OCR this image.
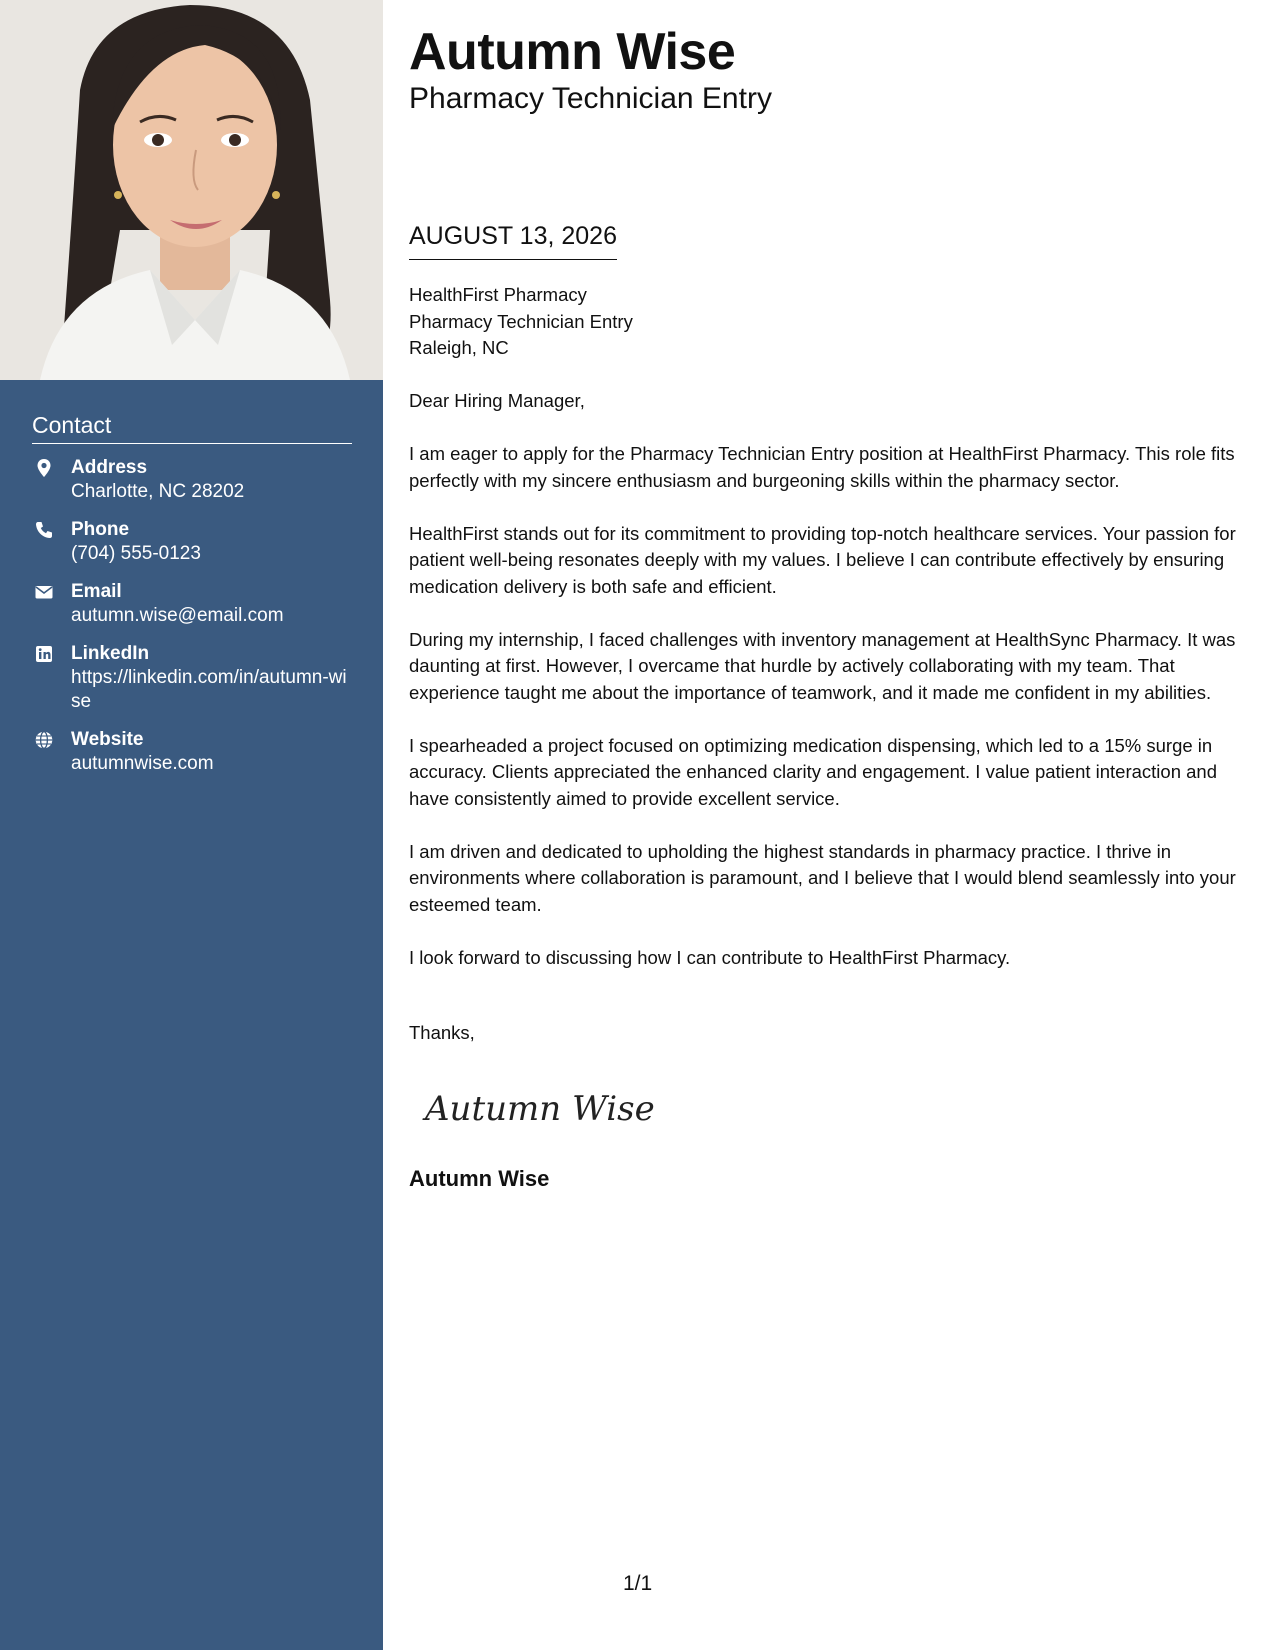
Contact
Address
Charlotte, NC 28202
Phone
(704) 555-0123
Email
autumn.wise@email.com
LinkedIn
https://linkedin.com/in/autumn-wise
Website
autumnwise.com
Autumn Wise
Pharmacy Technician Entry
AUGUST 13, 2026
HealthFirst Pharmacy
Pharmacy Technician Entry
Raleigh, NC

Dear Hiring Manager,

I am eager to apply for the Pharmacy Technician Entry position at HealthFirst Pharmacy. This role fits perfectly with my sincere enthusiasm and burgeoning skills within the pharmacy sector.

HealthFirst stands out for its commitment to providing top-notch healthcare services. Your passion for patient well-being resonates deeply with my values. I believe I can contribute effectively by ensuring medication delivery is both safe and efficient.

During my internship, I faced challenges with inventory management at HealthSync Pharmacy. It was daunting at first. However, I overcame that hurdle by actively collaborating with my team. That experience taught me about the importance of teamwork, and it made me confident in my abilities.

I spearheaded a project focused on optimizing medication dispensing, which led to a 15% surge in accuracy. Clients appreciated the enhanced clarity and engagement. I value patient interaction and have consistently aimed to provide excellent service.

I am driven and dedicated to upholding the highest standards in pharmacy practice. I thrive in environments where collaboration is paramount, and I believe that I would blend seamlessly into your esteemed team.

I look forward to discussing how I can contribute to HealthFirst Pharmacy.

Thanks,
Autumn Wise
Autumn Wise
1/1
